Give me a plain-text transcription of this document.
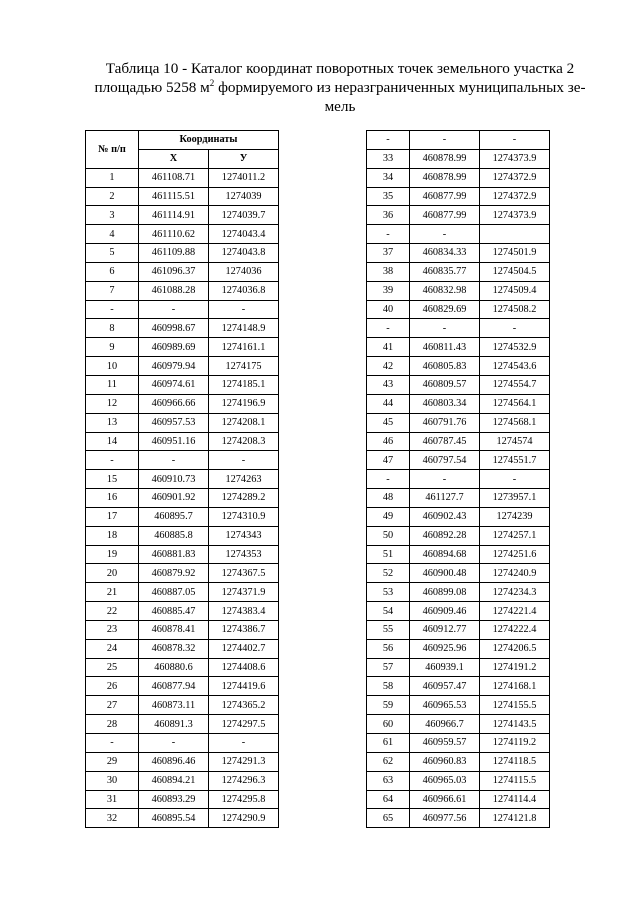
Таблица 10 - Каталог координат поворотных точек земельного участка 2
площадью 5258 $м^2$ формируемого из неразграниченных муниципальных зе-
мель
№ п/п	Координаты	
	Х	У
1	461108.71	1274011.2
2	461115.51	1274039
3	461114.91	1274039.7
4	461110.62	1274043.4
5	461109.88	1274043.8
6	461096.37	1274036
7	461088.28	1274036.8
-	-	-
8	460998.67	1274148.9
9	460989.69	1274161.1
10	460979.94	1274175
11	460974.61	1274185.1
12	460966.66	1274196.9
13	460957.53	1274208.1
14	460951.16	1274208.3
-	-	-
15	460910.73	1274263
16	460901.92	1274289.2
17	460895.7	1274310.9
18	460885.8	1274343
19	460881.83	1274353
20	460879.92	1274367.5
21	460887.05	1274371.9
22	460885.47	1274383.4
23	460878.41	1274386.7
24	460878.32	1274402.7
25	460880.6	1274408.6
26	460877.94	1274419.6
27	460873.11	1274365.2
28	460891.3	1274297.5
-	-	-
29	460896.46	1274291.3
30	460894.21	1274296.3
31	460893.29	1274295.8
32	460895.54	1274290.9
-	-	-
33	460878.99	1274373.9
34	460878.99	1274372.9
35	460877.99	1274372.9
36	460877.99	1274373.9
-	-	
37	460834.33	1274501.9
38	460835.77	1274504.5
39	460832.98	1274509.4
40	460829.69	1274508.2
-	-	-
41	460811.43	1274532.9
42	460805.83	1274543.6
43	460809.57	1274554.7
44	460803.34	1274564.1
45	460791.76	1274568.1
46	460787.45	1274574
47	460797.54	1274551.7
-	-	-
48	461127.7	1273957.1
49	460902.43	1274239
50	460892.28	1274257.1
51	460894.68	1274251.6
52	460900.48	1274240.9
53	460899.08	1274234.3
54	460909.46	1274221.4
55	460912.77	1274222.4
56	460925.96	1274206.5
57	460939.1	1274191.2
58	460957.47	1274168.1
59	460965.53	1274155.5
60	460966.7	1274143.5
61	460959.57	1274119.2
62	460960.83	1274118.5
63	460965.03	1274115.5
64	460966.61	1274114.4
65	460977.56	1274121.8
